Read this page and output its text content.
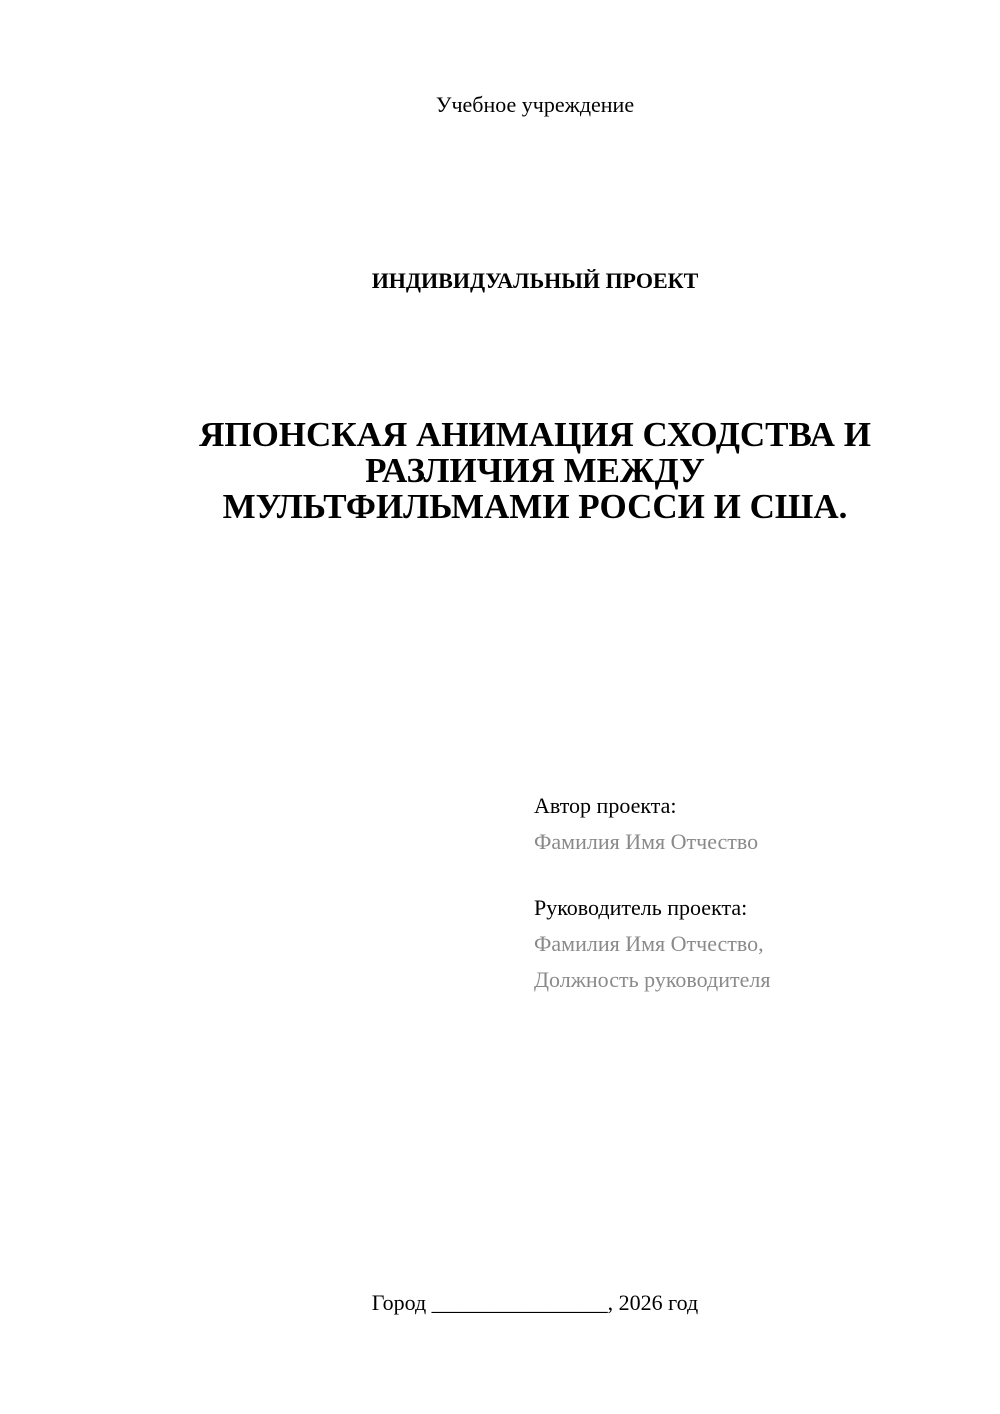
Учебное учреждение
ИНДИВИДУАЛЬНЫЙ ПРОЕКТ
ЯПОНСКАЯ АНИМАЦИЯ СХОДСТВА И
РАЗЛИЧИЯ МЕЖДУ
МУЛЬТФИЛЬМАМИ РОССИ И США.
Автор проекта:
Фамилия Имя Отчество
Руководитель проекта:
Фамилия Имя Отчество,
Должность руководителя
Город ________________, 2026 год
